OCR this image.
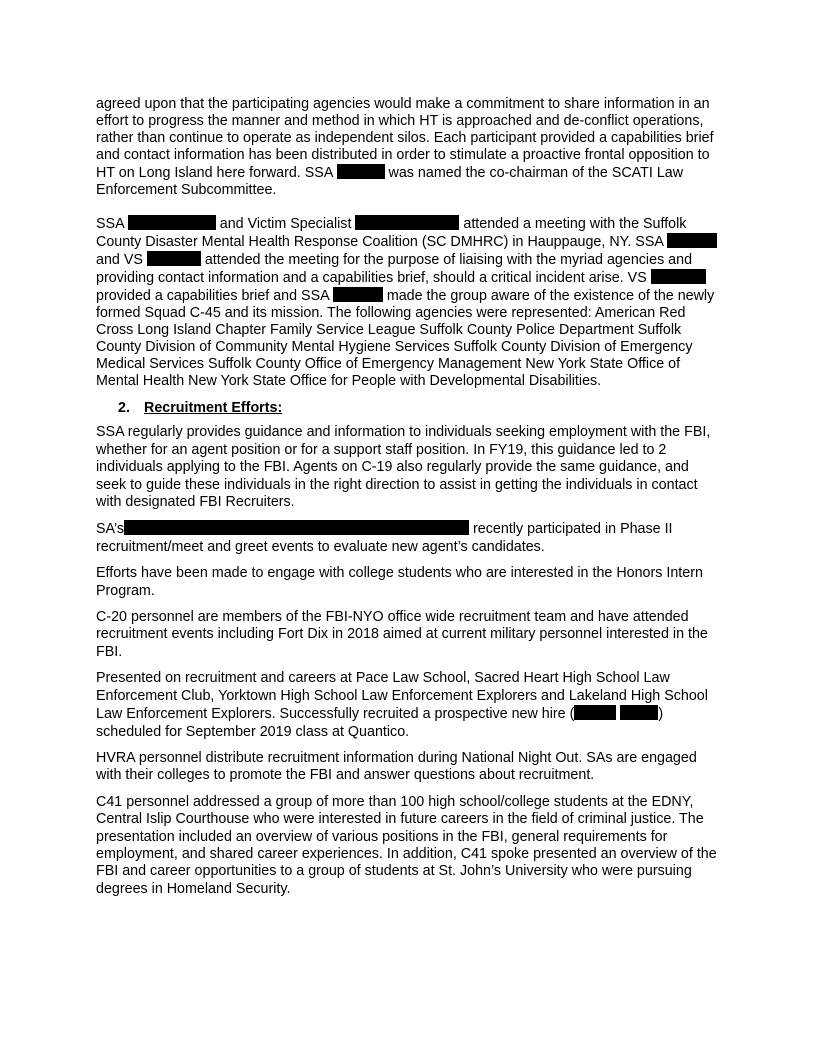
agreed upon that the participating agencies would make a commitment to share information in an effort to progress the manner and method in which HT is approached and de-conflict operations, rather than continue to operate as independent silos. Each participant provided a capabilities brief and contact information has been distributed in order to stimulate a proactive frontal opposition to HT on Long Island here forward. SSA	was named the co-chairman of the SCATI Law Enforcement Subcommittee.

SSA	and Victim Specialist	attended a meeting with the Suffolk County Disaster Mental Health Response Coalition (SC DMHRC) in Hauppauge, NY. SSA  and VS	attended the meeting for the purpose of liaising with the myriad agencies and providing contact information and a capabilities brief, should a critical incident arise. VS  provided a capabilities brief and SSA	made the group aware of the existence of the newly formed Squad C-45 and its mission. The following agencies were represented: American Red Cross Long Island Chapter Family Service League Suffolk County Police Department Suffolk County Division of Community Mental Hygiene Services Suffolk County Division of Emergency Medical Services Suffolk County Office of Emergency Management New York State Office of Mental Health New York State Office for People with Developmental Disabilities.

2. Recruitment Efforts:

SSA regularly provides guidance and information to individuals seeking employment with the FBI, whether for an agent position or for a support staff position. In FY19, this guidance led to 2 individuals applying to the FBI. Agents on C-19 also regularly provide the same guidance, and seek to guide these individuals in the right direction to assist in getting the individuals in contact with designated FBI Recruiters.

SA’s	recently participated in Phase II recruitment/meet and greet events to evaluate new agent’s candidates.

Efforts have been made to engage with college students who are interested in the Honors Intern Program.

C-20 personnel are members of the FBI-NYO office wide recruitment team and have attended recruitment events including Fort Dix in 2018 aimed at current military personnel interested in the FBI.

Presented on recruitment and careers at Pace Law School, Sacred Heart High School Law Enforcement Club, Yorktown High School Law Enforcement Explorers and Lakeland High School Law Enforcement Explorers. Successfully recruited a prospective new hire (	) scheduled for September 2019 class at Quantico.

HVRA personnel distribute recruitment information during National Night Out. SAs are engaged with their colleges to promote the FBI and answer questions about recruitment.

C41 personnel addressed a group of more than 100 high school/college students at the EDNY, Central Islip Courthouse who were interested in future careers in the field of criminal justice. The presentation included an overview of various positions in the FBI, general requirements for employment, and shared career experiences. In addition, C41 spoke presented an overview of the FBI and career opportunities to a group of students at St. John’s University who were pursuing degrees in Homeland Security.
